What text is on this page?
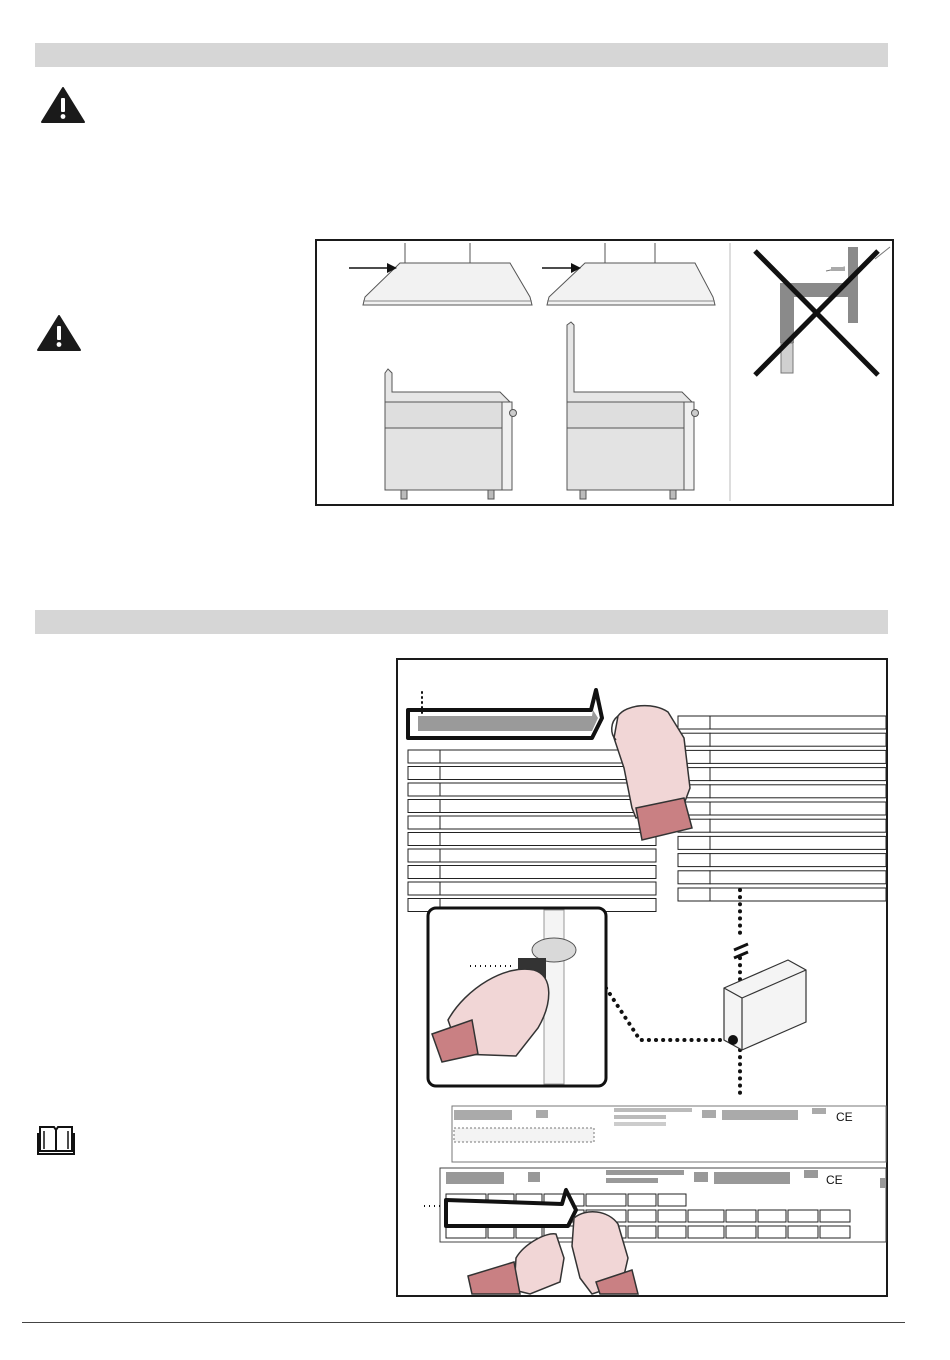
CE
CE
